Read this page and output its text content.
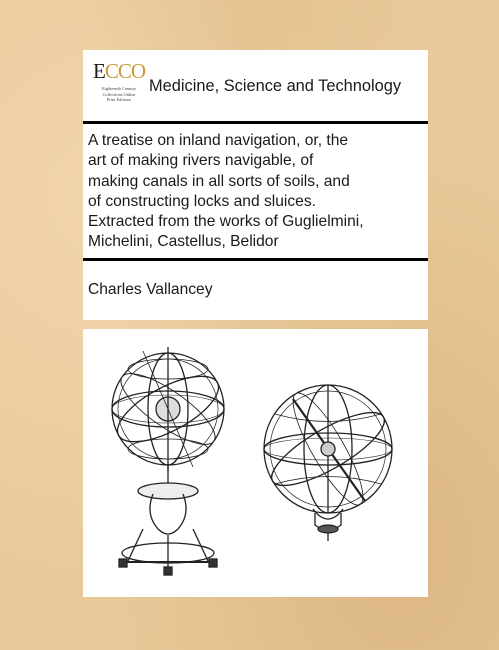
ECCO
Eighteenth Century
Collections Online
Print Editions
Medicine, Science and Technology
A treatise on inland navigation, or, the
art of making rivers navigable, of
making canals in all sorts of soils, and
of constructing locks and sluices.
Extracted from the works of Guglielmini,
Michelini, Castellus, Belidor
Charles Vallancey
